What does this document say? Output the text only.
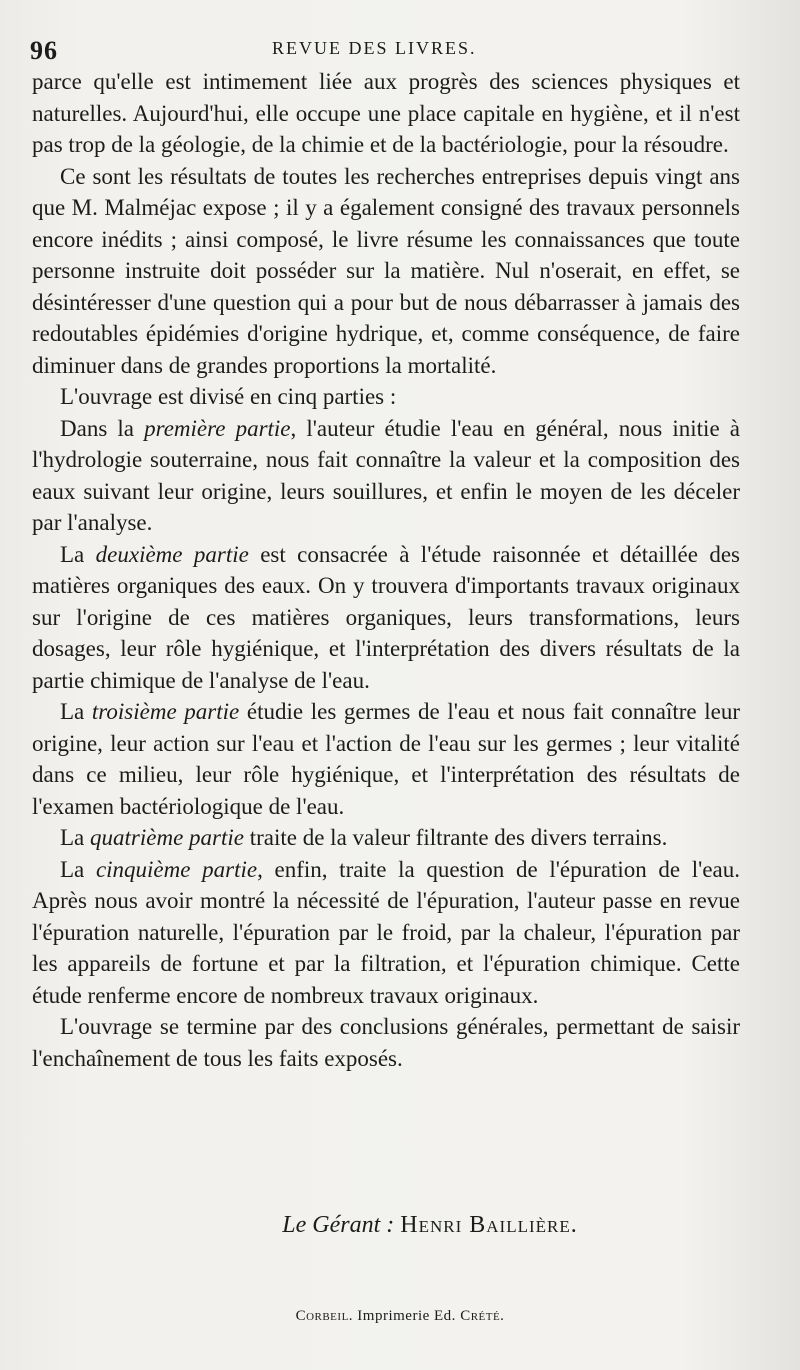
96	REVUE DES LIVRES.

parce qu'elle est intimement liée aux progrès des sciences physiques et naturelles. Aujourd'hui, elle occupe une place capitale en hygiène, et il n'est pas trop de la géologie, de la chimie et de la bactériologie, pour la résoudre.

Ce sont les résultats de toutes les recherches entreprises depuis vingt ans que M. Malméjac expose ; il y a également consigné des travaux personnels encore inédits ; ainsi composé, le livre résume les connaissances que toute personne instruite doit posséder sur la matière. Nul n'oserait, en effet, se désintéresser d'une question qui a pour but de nous débarrasser à jamais des redoutables épidémies d'origine hydrique, et, comme conséquence, de faire diminuer dans de grandes proportions la mortalité.

L'ouvrage est divisé en cinq parties :

Dans la première partie, l'auteur étudie l'eau en général, nous initie à l'hydrologie souterraine, nous fait connaître la valeur et la composition des eaux suivant leur origine, leurs souillures, et enfin le moyen de les déceler par l'analyse.

La deuxième partie est consacrée à l'étude raisonnée et détaillée des matières organiques des eaux. On y trouvera d'importants travaux originaux sur l'origine de ces matières organiques, leurs transformations, leurs dosages, leur rôle hygiénique, et l'interprétation des divers résultats de la partie chimique de l'analyse de l'eau.

La troisième partie étudie les germes de l'eau et nous fait connaître leur origine, leur action sur l'eau et l'action de l'eau sur les germes ; leur vitalité dans ce milieu, leur rôle hygiénique, et l'interprétation des résultats de l'examen bactériologique de l'eau.

La quatrième partie traite de la valeur filtrante des divers terrains.

La cinquième partie, enfin, traite la question de l'épuration de l'eau. Après nous avoir montré la nécessité de l'épuration, l'auteur passe en revue l'épuration naturelle, l'épuration par le froid, par la chaleur, l'épuration par les appareils de fortune et par la filtration, et l'épuration chimique. Cette étude renferme encore de nombreux travaux originaux.

L'ouvrage se termine par des conclusions générales, permettant de saisir l'enchaînement de tous les faits exposés.

Le Gérant : Henri Baillière.
Corbeil. Imprimerie Ed. Crété.
